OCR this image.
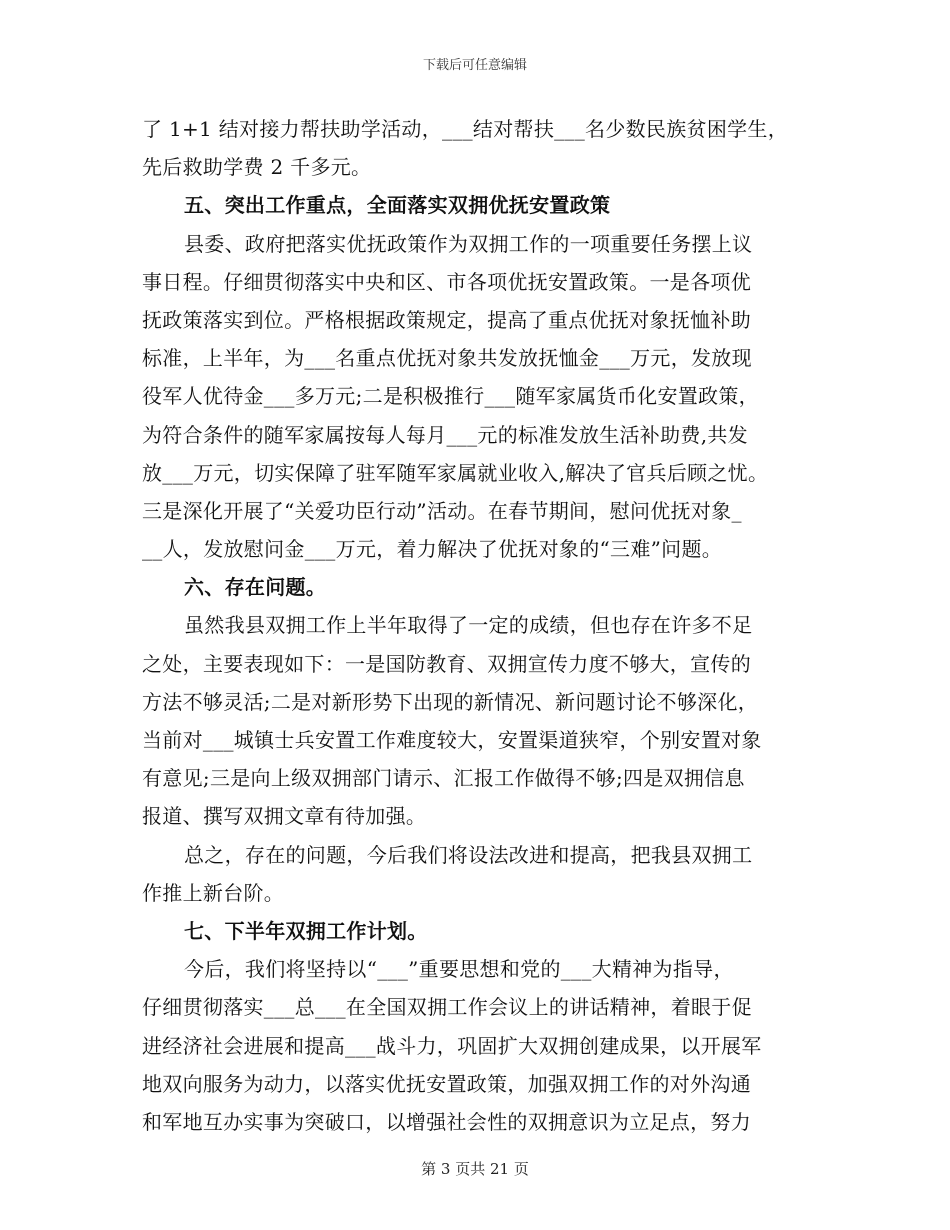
下载后可任意编辑
了 1+1 结对接力帮扶助学活动，___结对帮扶___名少数民族贫困学生，
先后救助学费 2 千多元。
五、突出工作重点，全面落实双拥优抚安置政策
县委、政府把落实优抚政策作为双拥工作的一项重要任务摆上议
事日程。仔细贯彻落实中央和区、市各项优抚安置政策。一是各项优
抚政策落实到位。严格根据政策规定，提高了重点优抚对象抚恤补助
标准，上半年，为___名重点优抚对象共发放抚恤金___万元，发放现
役军人优待金___多万元;二是积极推行___随军家属货币化安置政策，
为符合条件的随军家属按每人每月___元的标准发放生活补助费,共发
放___万元，切实保障了驻军随军家属就业收入,解决了官兵后顾之忧。
三是深化开展了“关爱功臣行动”活动。在春节期间，慰问优抚对象_
__人，发放慰问金___万元，着力解决了优抚对象的“三难”问题。
六、存在问题。
虽然我县双拥工作上半年取得了一定的成绩，但也存在许多不足
之处，主要表现如下：一是国防教育、双拥宣传力度不够大，宣传的
方法不够灵活;二是对新形势下出现的新情况、新问题讨论不够深化，
当前对___城镇士兵安置工作难度较大，安置渠道狭窄，个别安置对象
有意见;三是向上级双拥部门请示、汇报工作做得不够;四是双拥信息
报道、撰写双拥文章有待加强。
总之，存在的问题，今后我们将设法改进和提高，把我县双拥工
作推上新台阶。
七、下半年双拥工作计划。
今后，我们将坚持以“___”重要思想和党的___大精神为指导，
仔细贯彻落实___总___在全国双拥工作会议上的讲话精神，着眼于促
进经济社会进展和提高___战斗力，巩固扩大双拥创建成果，以开展军
地双向服务为动力，以落实优抚安置政策，加强双拥工作的对外沟通
和军地互办实事为突破口，以增强社会性的双拥意识为立足点，努力
第 3 页共 21 页
